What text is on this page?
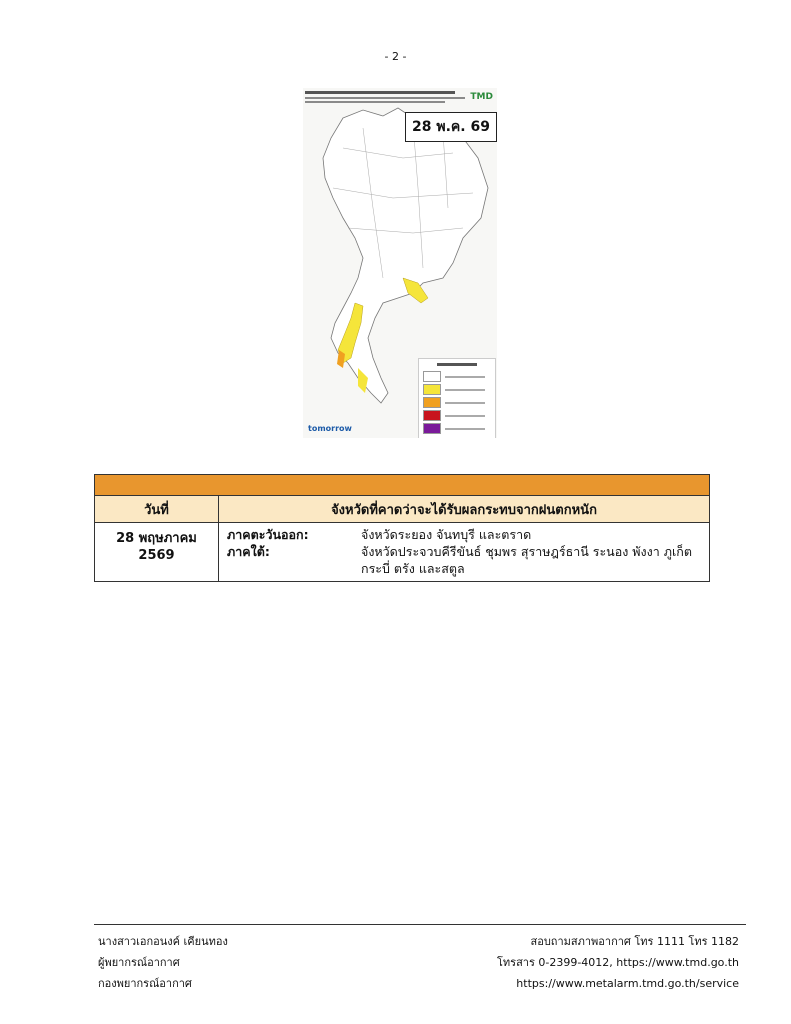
- 2 -
TMD
tomorrow
28 พ.ค. 69

วันที่	จังหวัดที่คาดว่าจะได้รับผลกระทบจากฝนตกหนัก
28 พฤษภาคม 2569	ภาคตะวันออก: จังหวัดระยอง จันทบุรี และตราด
ภาคใต้: จังหวัดประจวบคีรีขันธ์ ชุมพร สุราษฎร์ธานี ระนอง พังงา ภูเก็ต กระบี่ ตรัง และสตูล
นางสาวเอกอนงค์ เคียนทอง
ผู้พยากรณ์อากาศ
กองพยากรณ์อากาศ
สอบถามสภาพอากาศ โทร 1111 โทร 1182
โทรสาร 0-2399-4012, https://www.tmd.go.th
https://www.metalarm.tmd.go.th/service
